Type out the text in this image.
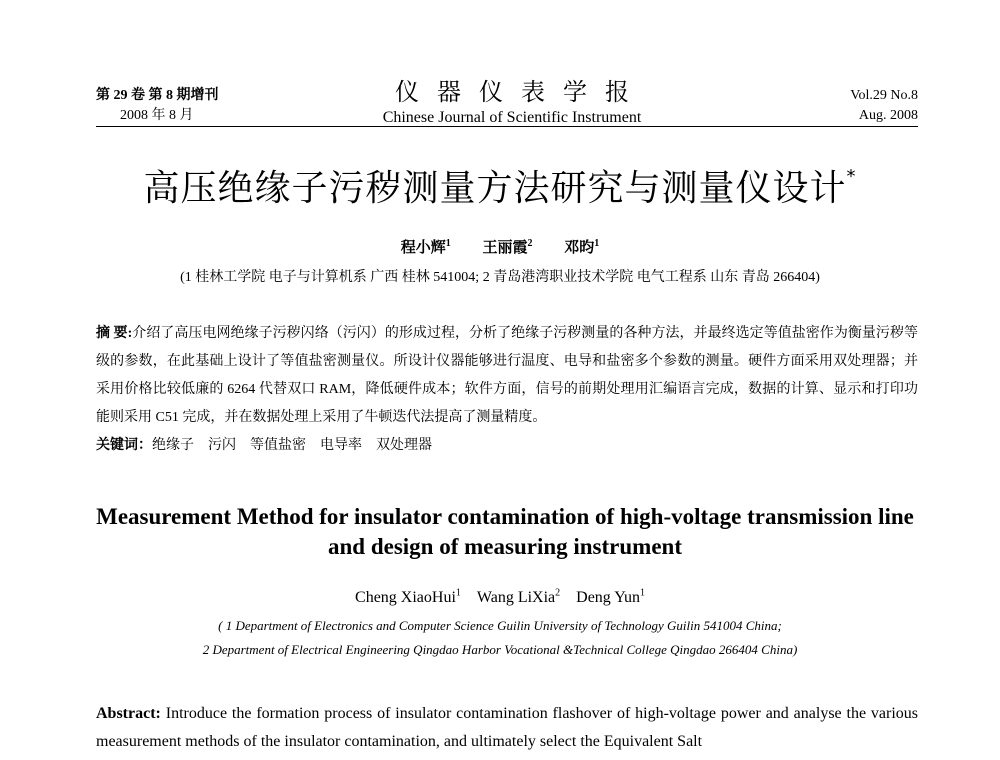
第 29 卷 第 8 期增刊
2008 年 8 月
仪器仪表学报
Chinese Journal of Scientific Instrument
Vol.29 No.8
Aug. 2008
高压绝缘子污秽测量方法研究与测量仪设计*
程小辉$^1$ 王丽霞$^2$ 邓昀$^1$
(1 桂林工学院 电子与计算机系 广西 桂林 541004; 2 青岛港湾职业技术学院 电气工程系 山东 青岛 266404)
摘 要:介绍了高压电网绝缘子污秽闪络（污闪）的形成过程，分析了绝缘子污秽测量的各种方法，并最终选定等值盐密作为衡量污秽等级的参数，在此基础上设计了等值盐密测量仪。所设计仪器能够进行温度、电导和盐密多个参数的测量。硬件方面采用双处理器；并采用价格比较低廉的 6264 代替双口 RAM，降低硬件成本；软件方面，信号的前期处理用汇编语言完成，数据的计算、显示和打印功能则采用 C51 完成，并在数据处理上采用了牛顿迭代法提高了测量精度。
关键词：绝缘子 污闪 等值盐密 电导率 双处理器
Measurement Method for insulator contamination of high-voltage transmission line and design of measuring instrument
Cheng XiaoHui$^1$ Wang LiXia$^2$ Deng Yun$^1$
( 1 Department of Electronics and Computer Science Guilin University of Technology Guilin 541004 China;
2 Department of Electrical Engineering Qingdao Harbor Vocational &Technical College Qingdao 266404 China)
Abstract: Introduce the formation process of insulator contamination flashover of high-voltage power and analyse the various measurement methods of the insulator contamination, and ultimately select the Equivalent Salt
